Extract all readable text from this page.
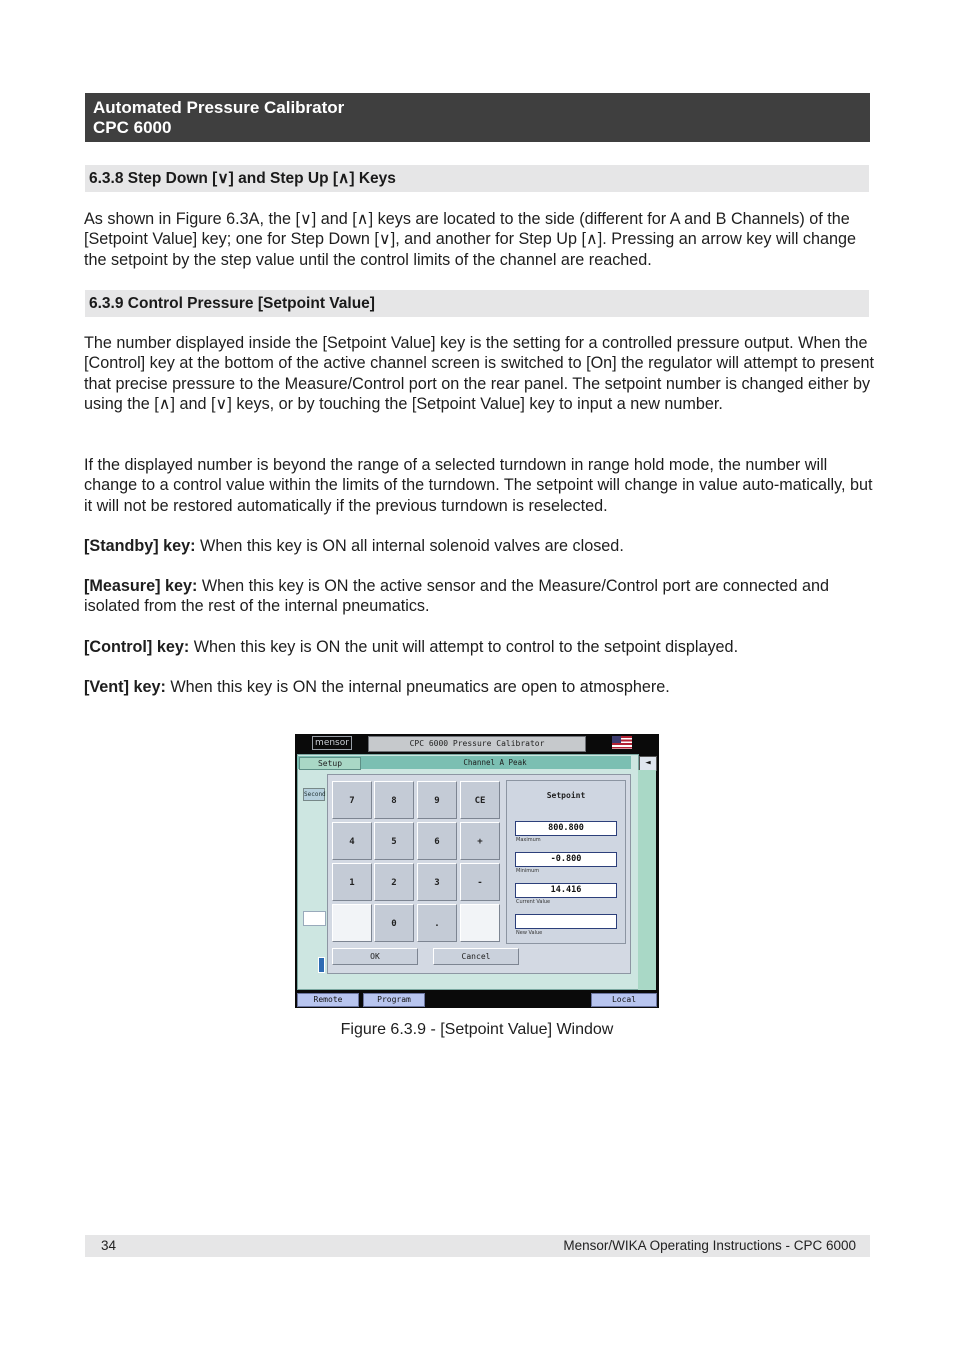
Automated Pressure Calibrator
CPC 6000
6.3.8 Step Down [∨] and Step Up [∧] Keys

As shown in Figure 6.3A, the [∨] and [∧] keys are located to the side (different for A and B Channels) of the [Setpoint Value] key; one for Step Down [∨], and another for Step Up [∧]. Pressing an arrow key will change the setpoint by the step value until the control limits of the channel are reached.

6.3.9 Control Pressure [Setpoint Value]

The number displayed inside the [Setpoint Value] key is the setting for a controlled pressure output. When the [Control] key at the bottom of the active channel screen is switched to [On] the regulator will attempt to present that precise pressure to the Measure/Control port on the rear panel. The setpoint number is changed either by using the [∧] and [∨] keys, or by touching the [Setpoint Value] key to input a new number.

If the displayed number is beyond the range of a selected turndown in range hold mode, the number will change to a control value within the limits of the turndown. The setpoint will change in value auto-matically, but it will not be restored automatically if the previous turndown is reselected.

[Standby] key: When this key is ON all internal solenoid valves are closed.

[Measure] key: When this key is ON the active sensor and the Measure/Control port are connected and isolated from the rest of the internal pneumatics.

[Control] key: When this key is ON the unit will attempt to control to the setpoint displayed.

[Vent] key: When this key is ON the internal pneumatics are open to atmosphere.

mensor	CPC 6000 Pressure Calibrator
Setup	Channel A Peak	◄
Second
7	8	9	CE
4	5	6	+
1	2	3	-
0	.
Setpoint
800.800
Maximum
-0.800
Minimum
14.416
Current Value
New Value
OK	Cancel
Remote	Program	Local
Figure 6.3.9 - [Setpoint Value] Window
34	Mensor/WIKA Operating Instructions - CPC 6000
